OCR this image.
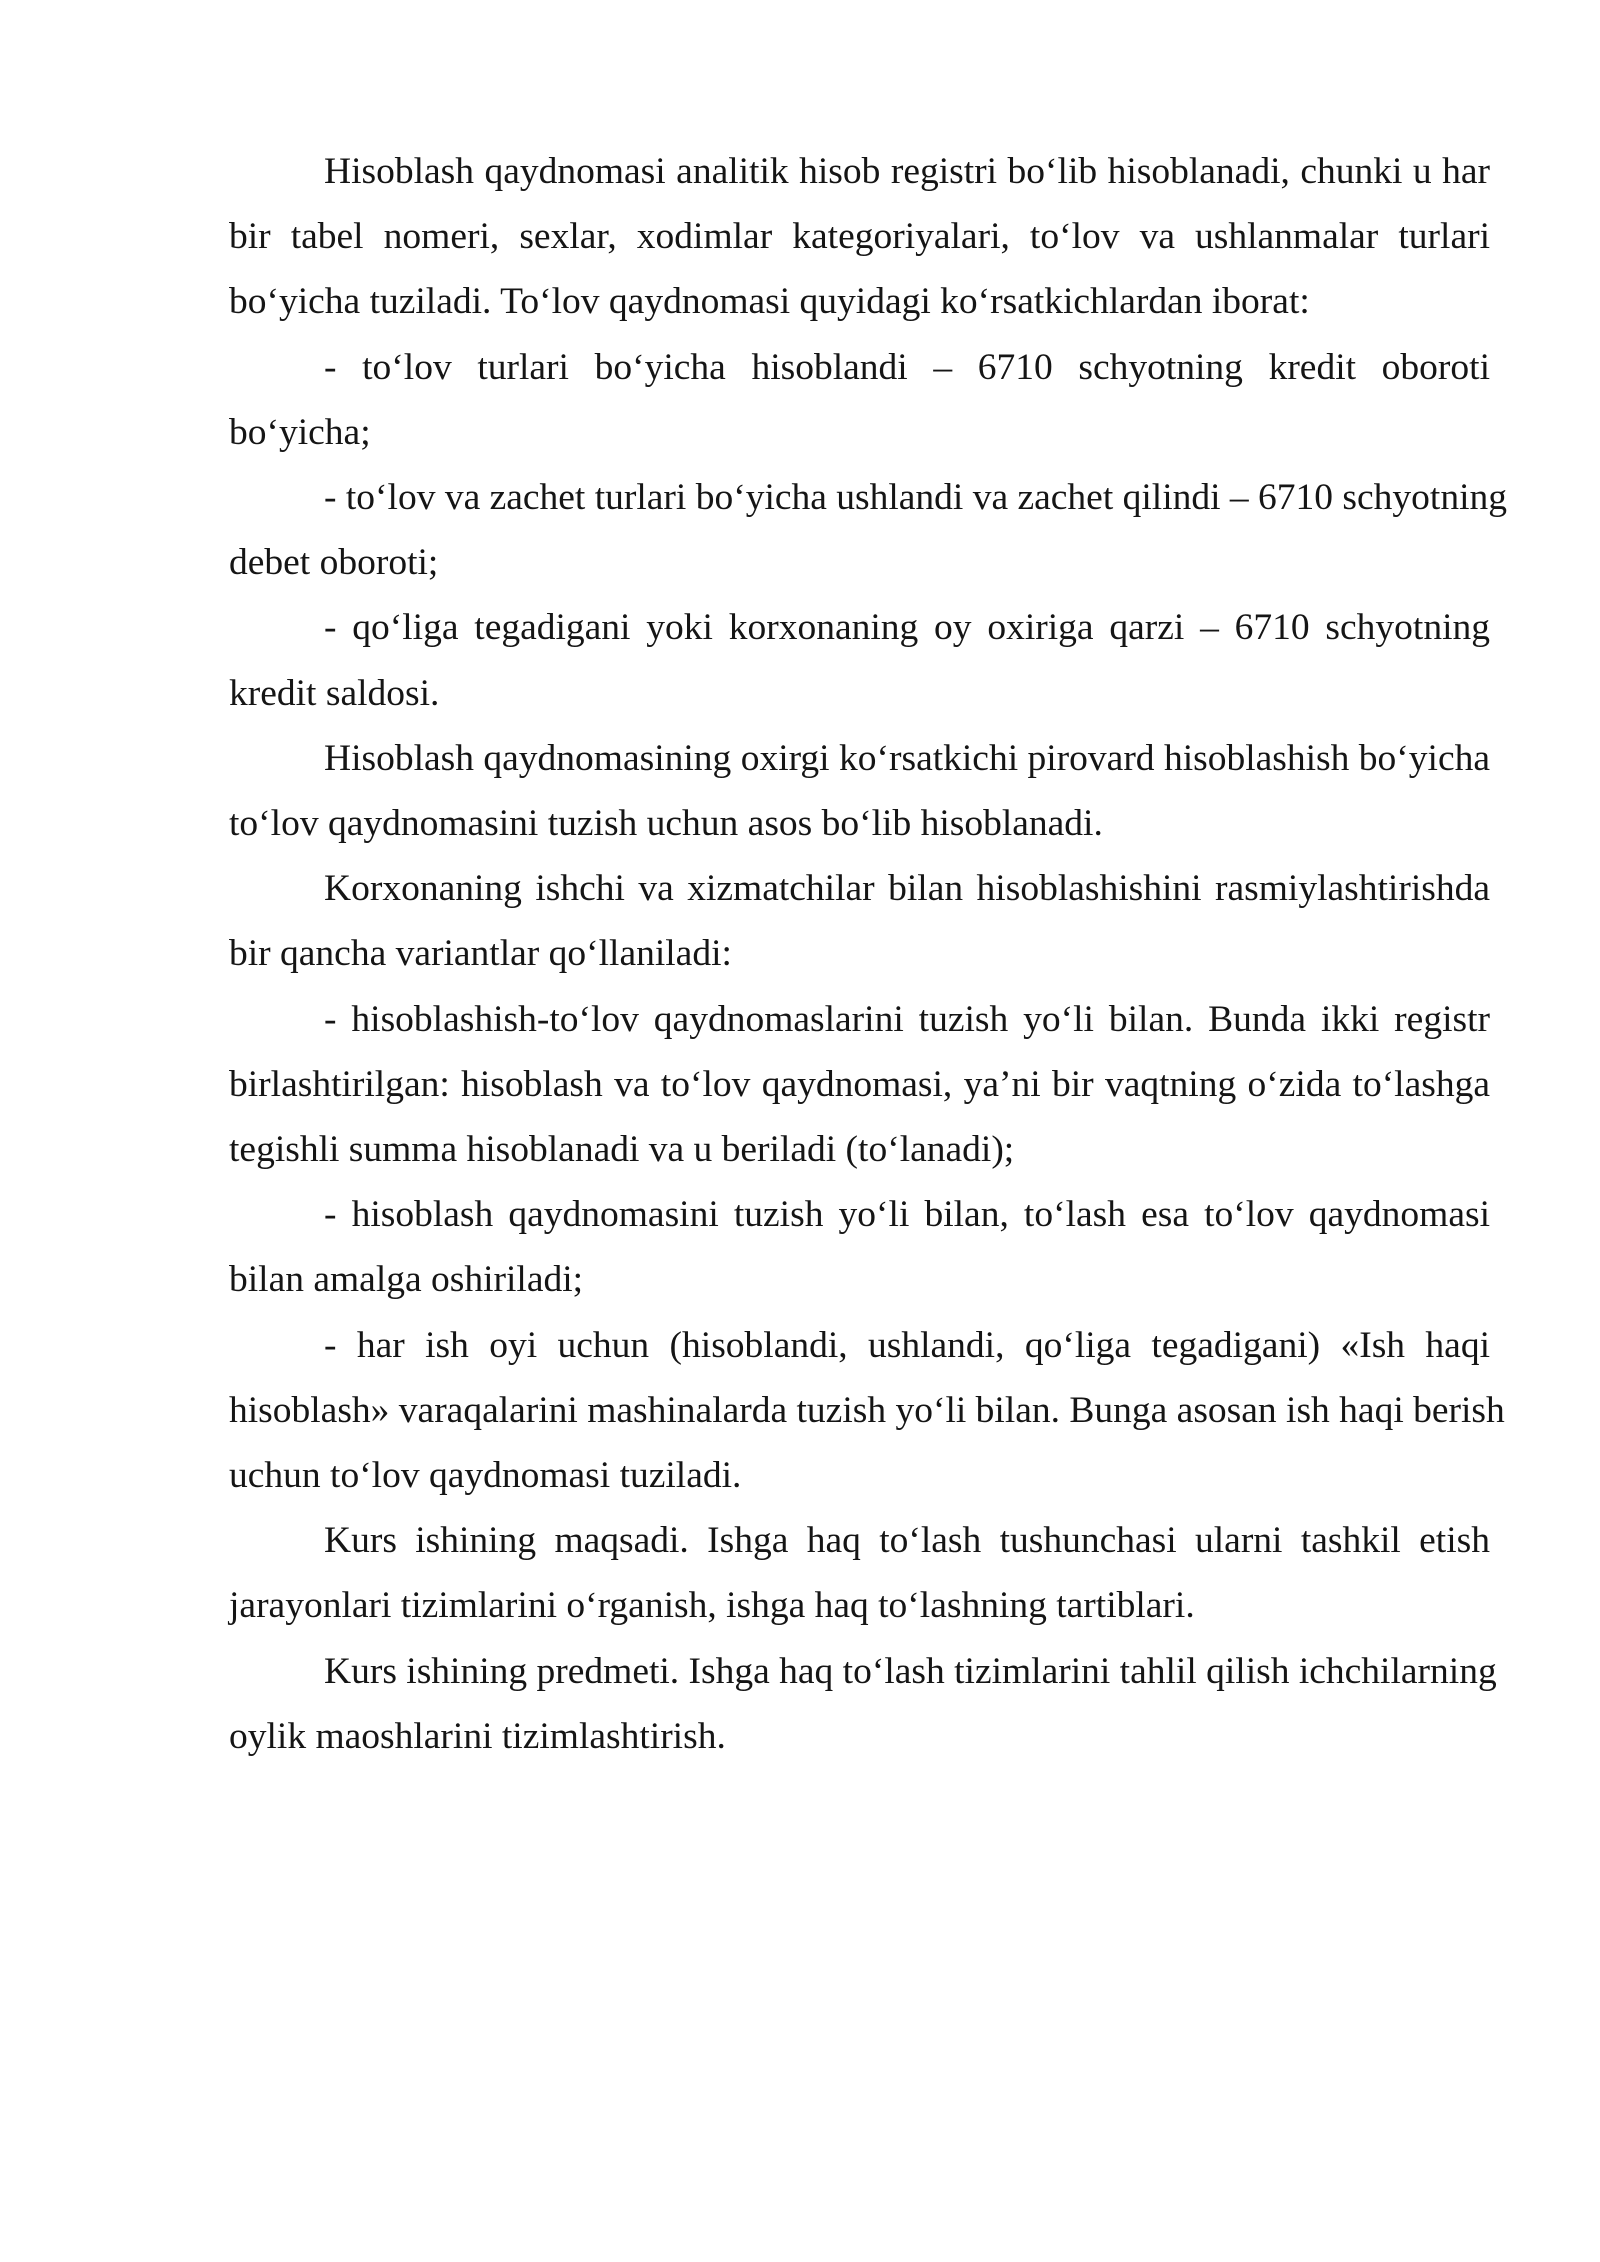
Hisoblash qaydnomasi analitik hisob registri bo‘lib hisoblanadi, chunki u har
bir tabel nomeri, sexlar, xodimlar kategoriyalari, to‘lov va ushlanmalar turlari
bo‘yicha tuziladi. To‘lov qaydnomasi quyidagi ko‘rsatkichlardan iborat:
- to‘lov turlari bo‘yicha hisoblandi – 6710 schyotning kredit oboroti
bo‘yicha;
- to‘lov va zachet turlari bo‘yicha ushlandi va zachet qilindi – 6710 schyotning
debet oboroti;
- qo‘liga tegadigani yoki korxonaning oy oxiriga qarzi – 6710 schyotning
kredit saldosi.
Hisoblash qaydnomasining oxirgi ko‘rsatkichi pirovard hisoblashish bo‘yicha
to‘lov qaydnomasini tuzish uchun asos bo‘lib hisoblanadi.
Korxonaning ishchi va xizmatchilar bilan hisoblashishini rasmiylashtirishda
bir qancha variantlar qo‘llaniladi:
- hisoblashish-to‘lov qaydnomaslarini tuzish yo‘li bilan. Bunda ikki registr
birlashtirilgan: hisoblash va to‘lov qaydnomasi, ya’ni bir vaqtning o‘zida to‘lashga
tegishli summa hisoblanadi va u beriladi (to‘lanadi);
- hisoblash qaydnomasini tuzish yo‘li bilan, to‘lash esa to‘lov qaydnomasi
bilan amalga oshiriladi;
- har ish oyi uchun (hisoblandi, ushlandi, qo‘liga tegadigani) «Ish haqi
hisoblash» varaqalarini mashinalarda tuzish yo‘li bilan. Bunga asosan ish haqi berish
uchun to‘lov qaydnomasi tuziladi.
Kurs ishining maqsadi. Ishga haq to‘lash tushunchasi ularni tashkil etish
jarayonlari tizimlarini o‘rganish, ishga haq to‘lashning tartiblari.
Kurs ishining predmeti. Ishga haq to‘lash tizimlarini tahlil qilish ichchilarning
oylik maoshlarini tizimlashtirish.
